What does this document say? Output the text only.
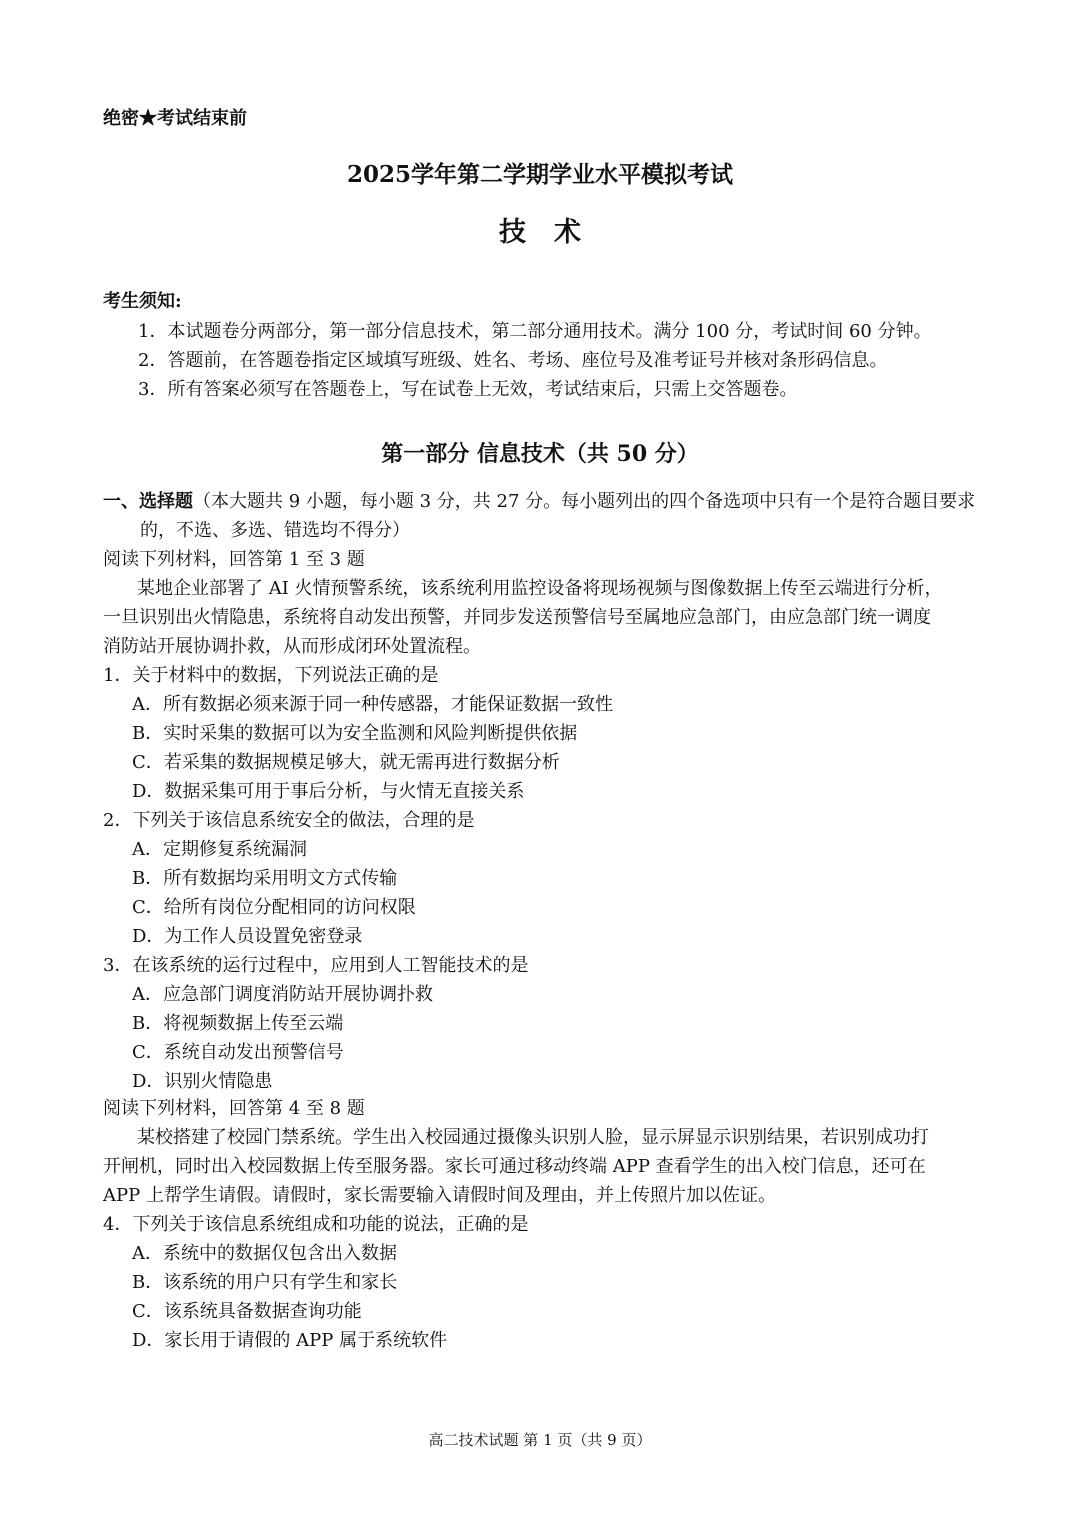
绝密★考试结束前
2025学年第二学期学业水平模拟考试
技术
考生须知:
1．本试题卷分两部分，第一部分信息技术，第二部分通用技术。满分 100 分，考试时间 60 分钟。
2．答题前，在答题卷指定区域填写班级、姓名、考场、座位号及准考证号并核对条形码信息。
3．所有答案必须写在答题卷上，写在试卷上无效，考试结束后，只需上交答题卷。
第一部分 信息技术（共 50 分）
一、选择题（本大题共 9 小题，每小题 3 分，共 27 分。每小题列出的四个备选项中只有一个是符合题目要求
的，不选、多选、错选均不得分）
阅读下列材料，回答第 1 至 3 题
某地企业部署了 AI 火情预警系统，该系统利用监控设备将现场视频与图像数据上传至云端进行分析，
一旦识别出火情隐患，系统将自动发出预警，并同步发送预警信号至属地应急部门，由应急部门统一调度
消防站开展协调扑救，从而形成闭环处置流程。
1．关于材料中的数据，下列说法正确的是
A．所有数据必须来源于同一种传感器，才能保证数据一致性
B．实时采集的数据可以为安全监测和风险判断提供依据
C．若采集的数据规模足够大，就无需再进行数据分析
D．数据采集可用于事后分析，与火情无直接关系
2．下列关于该信息系统安全的做法，合理的是
A．定期修复系统漏洞
B．所有数据均采用明文方式传输
C．给所有岗位分配相同的访问权限
D．为工作人员设置免密登录
3．在该系统的运行过程中，应用到人工智能技术的是
A．应急部门调度消防站开展协调扑救
B．将视频数据上传至云端
C．系统自动发出预警信号
D．识别火情隐患
阅读下列材料，回答第 4 至 8 题
某校搭建了校园门禁系统。学生出入校园通过摄像头识别人脸，显示屏显示识别结果，若识别成功打
开闸机，同时出入校园数据上传至服务器。家长可通过移动终端 APP 查看学生的出入校门信息，还可在
APP 上帮学生请假。请假时，家长需要输入请假时间及理由，并上传照片加以佐证。
4．下列关于该信息系统组成和功能的说法，正确的是
A．系统中的数据仅包含出入数据
B．该系统的用户只有学生和家长
C．该系统具备数据查询功能
D．家长用于请假的 APP 属于系统软件
高二技术试题 第 1 页（共 9 页）
